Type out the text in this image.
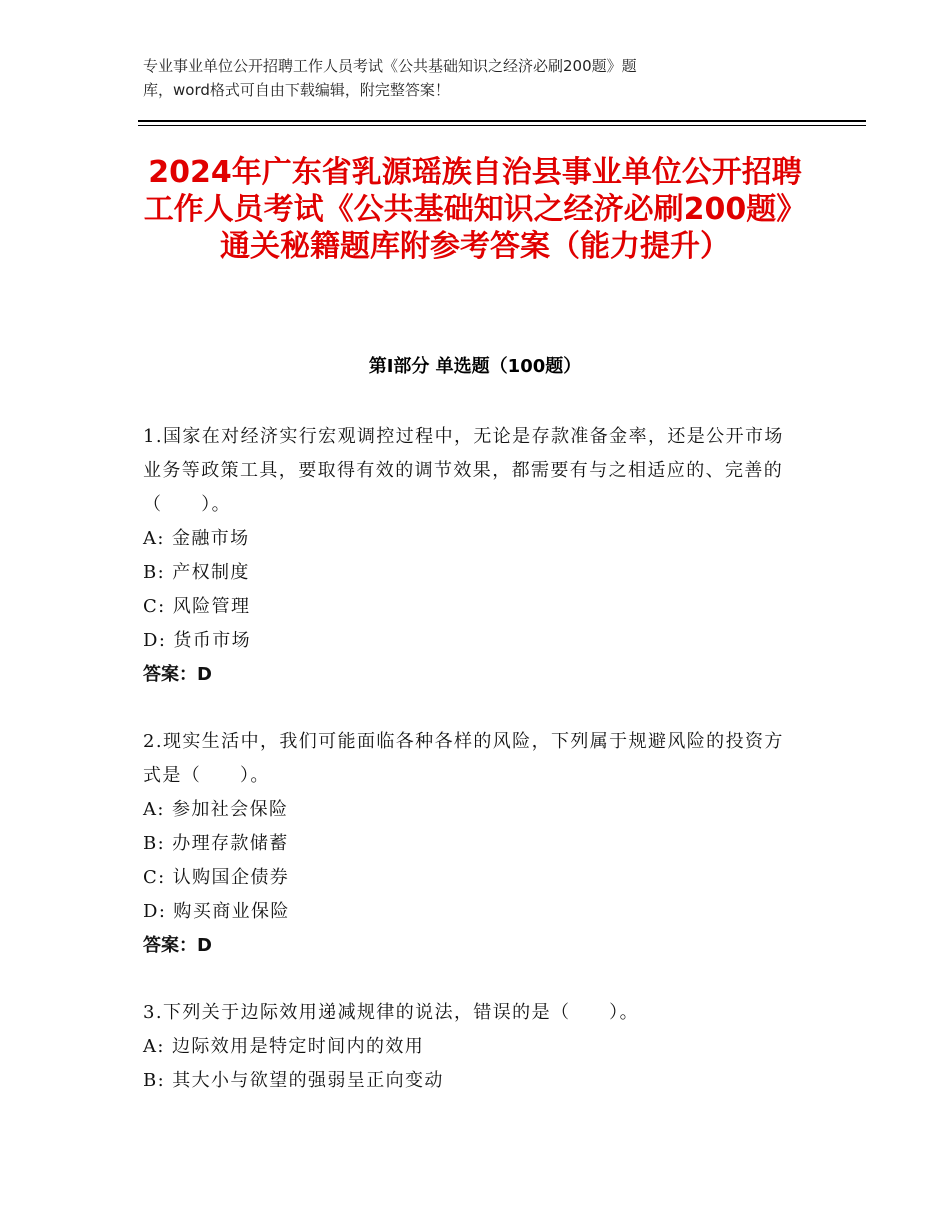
专业事业单位公开招聘工作人员考试《公共基础知识之经济必刷200题》题
库，word格式可自由下载编辑，附完整答案！
2024年广东省乳源瑶族自治县事业单位公开招聘工作人员考试《公共基础知识之经济必刷200题》通关秘籍题库附参考答案（能力提升）
第Ⅰ部分 单选题（100题）

1.国家在对经济实行宏观调控过程中，无论是存款准备金率，还是公开市场业务等政策工具，要取得有效的调节效果，都需要有与之相适应的、完善的（　　）。

A: 金融市场

B: 产权制度

C: 风险管理

D: 货币市场

答案：D

2.现实生活中，我们可能面临各种各样的风险，下列属于规避风险的投资方式是（　　）。

A: 参加社会保险

B: 办理存款储蓄

C: 认购国企债券

D: 购买商业保险

答案：D

3.下列关于边际效用递减规律的说法，错误的是（　　）。

A: 边际效用是特定时间内的效用

B: 其大小与欲望的强弱呈正向变动
